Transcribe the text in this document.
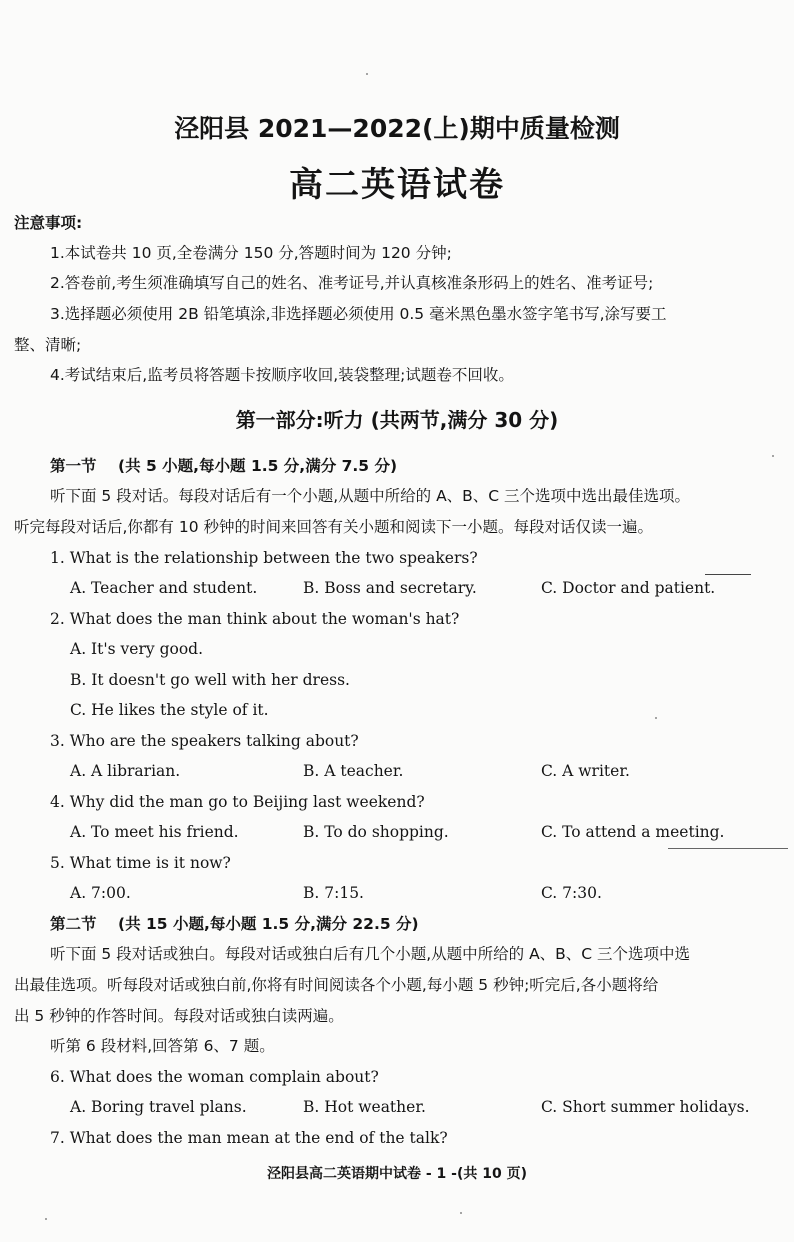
泾阳县 2021—2022(上)期中质量检测
高二英语试卷
注意事项:
1.本试卷共 10 页,全卷满分 150 分,答题时间为 120 分钟;
2.答卷前,考生须准确填写自己的姓名、准考证号,并认真核准条形码上的姓名、准考证号;
3.选择题必须使用 2B 铅笔填涂,非选择题必须使用 0.5 毫米黑色墨水签字笔书写,涂写要工
整、清晰;
4.考试结束后,监考员将答题卡按顺序收回,装袋整理;试题卷不回收。
第一部分:听力 (共两节,满分 30 分)
第一节 (共 5 小题,每小题 1.5 分,满分 7.5 分)
听下面 5 段对话。每段对话后有一个小题,从题中所给的 A、B、C 三个选项中选出最佳选项。
听完每段对话后,你都有 10 秒钟的时间来回答有关小题和阅读下一小题。每段对话仅读一遍。
1. What is the relationship between the two speakers?
A. Teacher and student.	B. Boss and secretary.	C. Doctor and patient.
2. What does the man think about the woman's hat?
A. It's very good.
B. It doesn't go well with her dress.
C. He likes the style of it.
3. Who are the speakers talking about?
A. A librarian.	B. A teacher.	C. A writer.
4. Why did the man go to Beijing last weekend?
A. To meet his friend.	B. To do shopping.	C. To attend a meeting.
5. What time is it now?
A. 7:00.	B. 7:15.	C. 7:30.
第二节 (共 15 小题,每小题 1.5 分,满分 22.5 分)
听下面 5 段对话或独白。每段对话或独白后有几个小题,从题中所给的 A、B、C 三个选项中选
出最佳选项。听每段对话或独白前,你将有时间阅读各个小题,每小题 5 秒钟;听完后,各小题将给
出 5 秒钟的作答时间。每段对话或独白读两遍。
听第 6 段材料,回答第 6、7 题。
6. What does the woman complain about?
A. Boring travel plans.	B. Hot weather.	C. Short summer holidays.
7. What does the man mean at the end of the talk?
泾阳县高二英语期中试卷 - 1 -(共 10 页)
